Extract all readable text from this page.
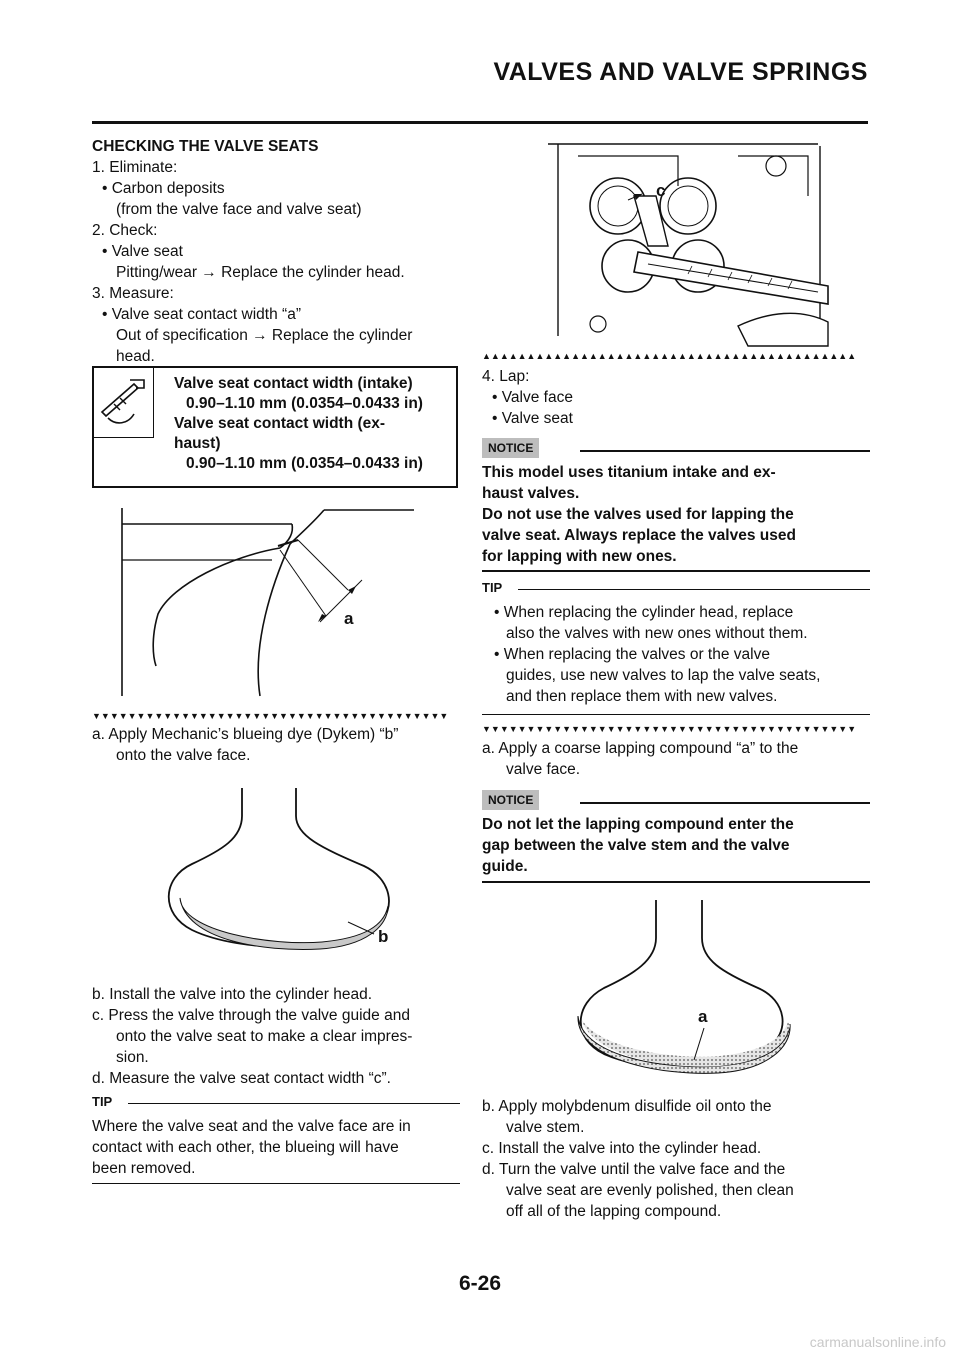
VALVES AND VALVE SPRINGS
CHECKING THE VALVE SEATS
1. Eliminate:
• Carbon deposits
(from the valve face and valve seat)
2. Check:
• Valve seat
Pitting/wear → Replace the cylinder head.
3. Measure:
• Valve seat contact width “a”
Out of specification → Replace the cylinder
head.
Valve seat contact width (intake)
0.90–1.10 mm (0.0354–0.0433 in)
Valve seat contact width (ex-
haust)
0.90–1.10 mm (0.0354–0.0433 in)
a
▼▼▼▼▼▼▼▼▼▼▼▼▼▼▼▼▼▼▼▼▼▼▼▼▼▼▼▼▼▼▼▼▼▼▼▼▼▼▼▼
a. Apply Mechanic’s blueing dye (Dykem) “b”
onto the valve face.
b
b. Install the valve into the cylinder head.
c. Press the valve through the valve guide and
onto the valve seat to make a clear impres-
sion.
d. Measure the valve seat contact width “c”.
TIP
Where the valve seat and the valve face are in
contact with each other, the blueing will have
been removed.
c
▲▲▲▲▲▲▲▲▲▲▲▲▲▲▲▲▲▲▲▲▲▲▲▲▲▲▲▲▲▲▲▲▲▲▲▲▲▲▲▲▲▲
4. Lap:
• Valve face
• Valve seat
NOTICE
This model uses titanium intake and ex-
haust valves.
Do not use the valves used for lapping the
valve seat. Always replace the valves used
for lapping with new ones.
TIP
• When replacing the cylinder head, replace
also the valves with new ones without them.
• When replacing the valves or the valve
guides, use new valves to lap the valve seats,
and then replace them with new valves.
▼▼▼▼▼▼▼▼▼▼▼▼▼▼▼▼▼▼▼▼▼▼▼▼▼▼▼▼▼▼▼▼▼▼▼▼▼▼▼▼▼▼
a. Apply a coarse lapping compound “a” to the
valve face.
NOTICE
Do not let the lapping compound enter the
gap between the valve stem and the valve
guide.
a
b. Apply molybdenum disulfide oil onto the
valve stem.
c. Install the valve into the cylinder head.
d. Turn the valve until the valve face and the
valve seat are evenly polished, then clean
off all of the lapping compound.
6-26
carmanualsonline.info
